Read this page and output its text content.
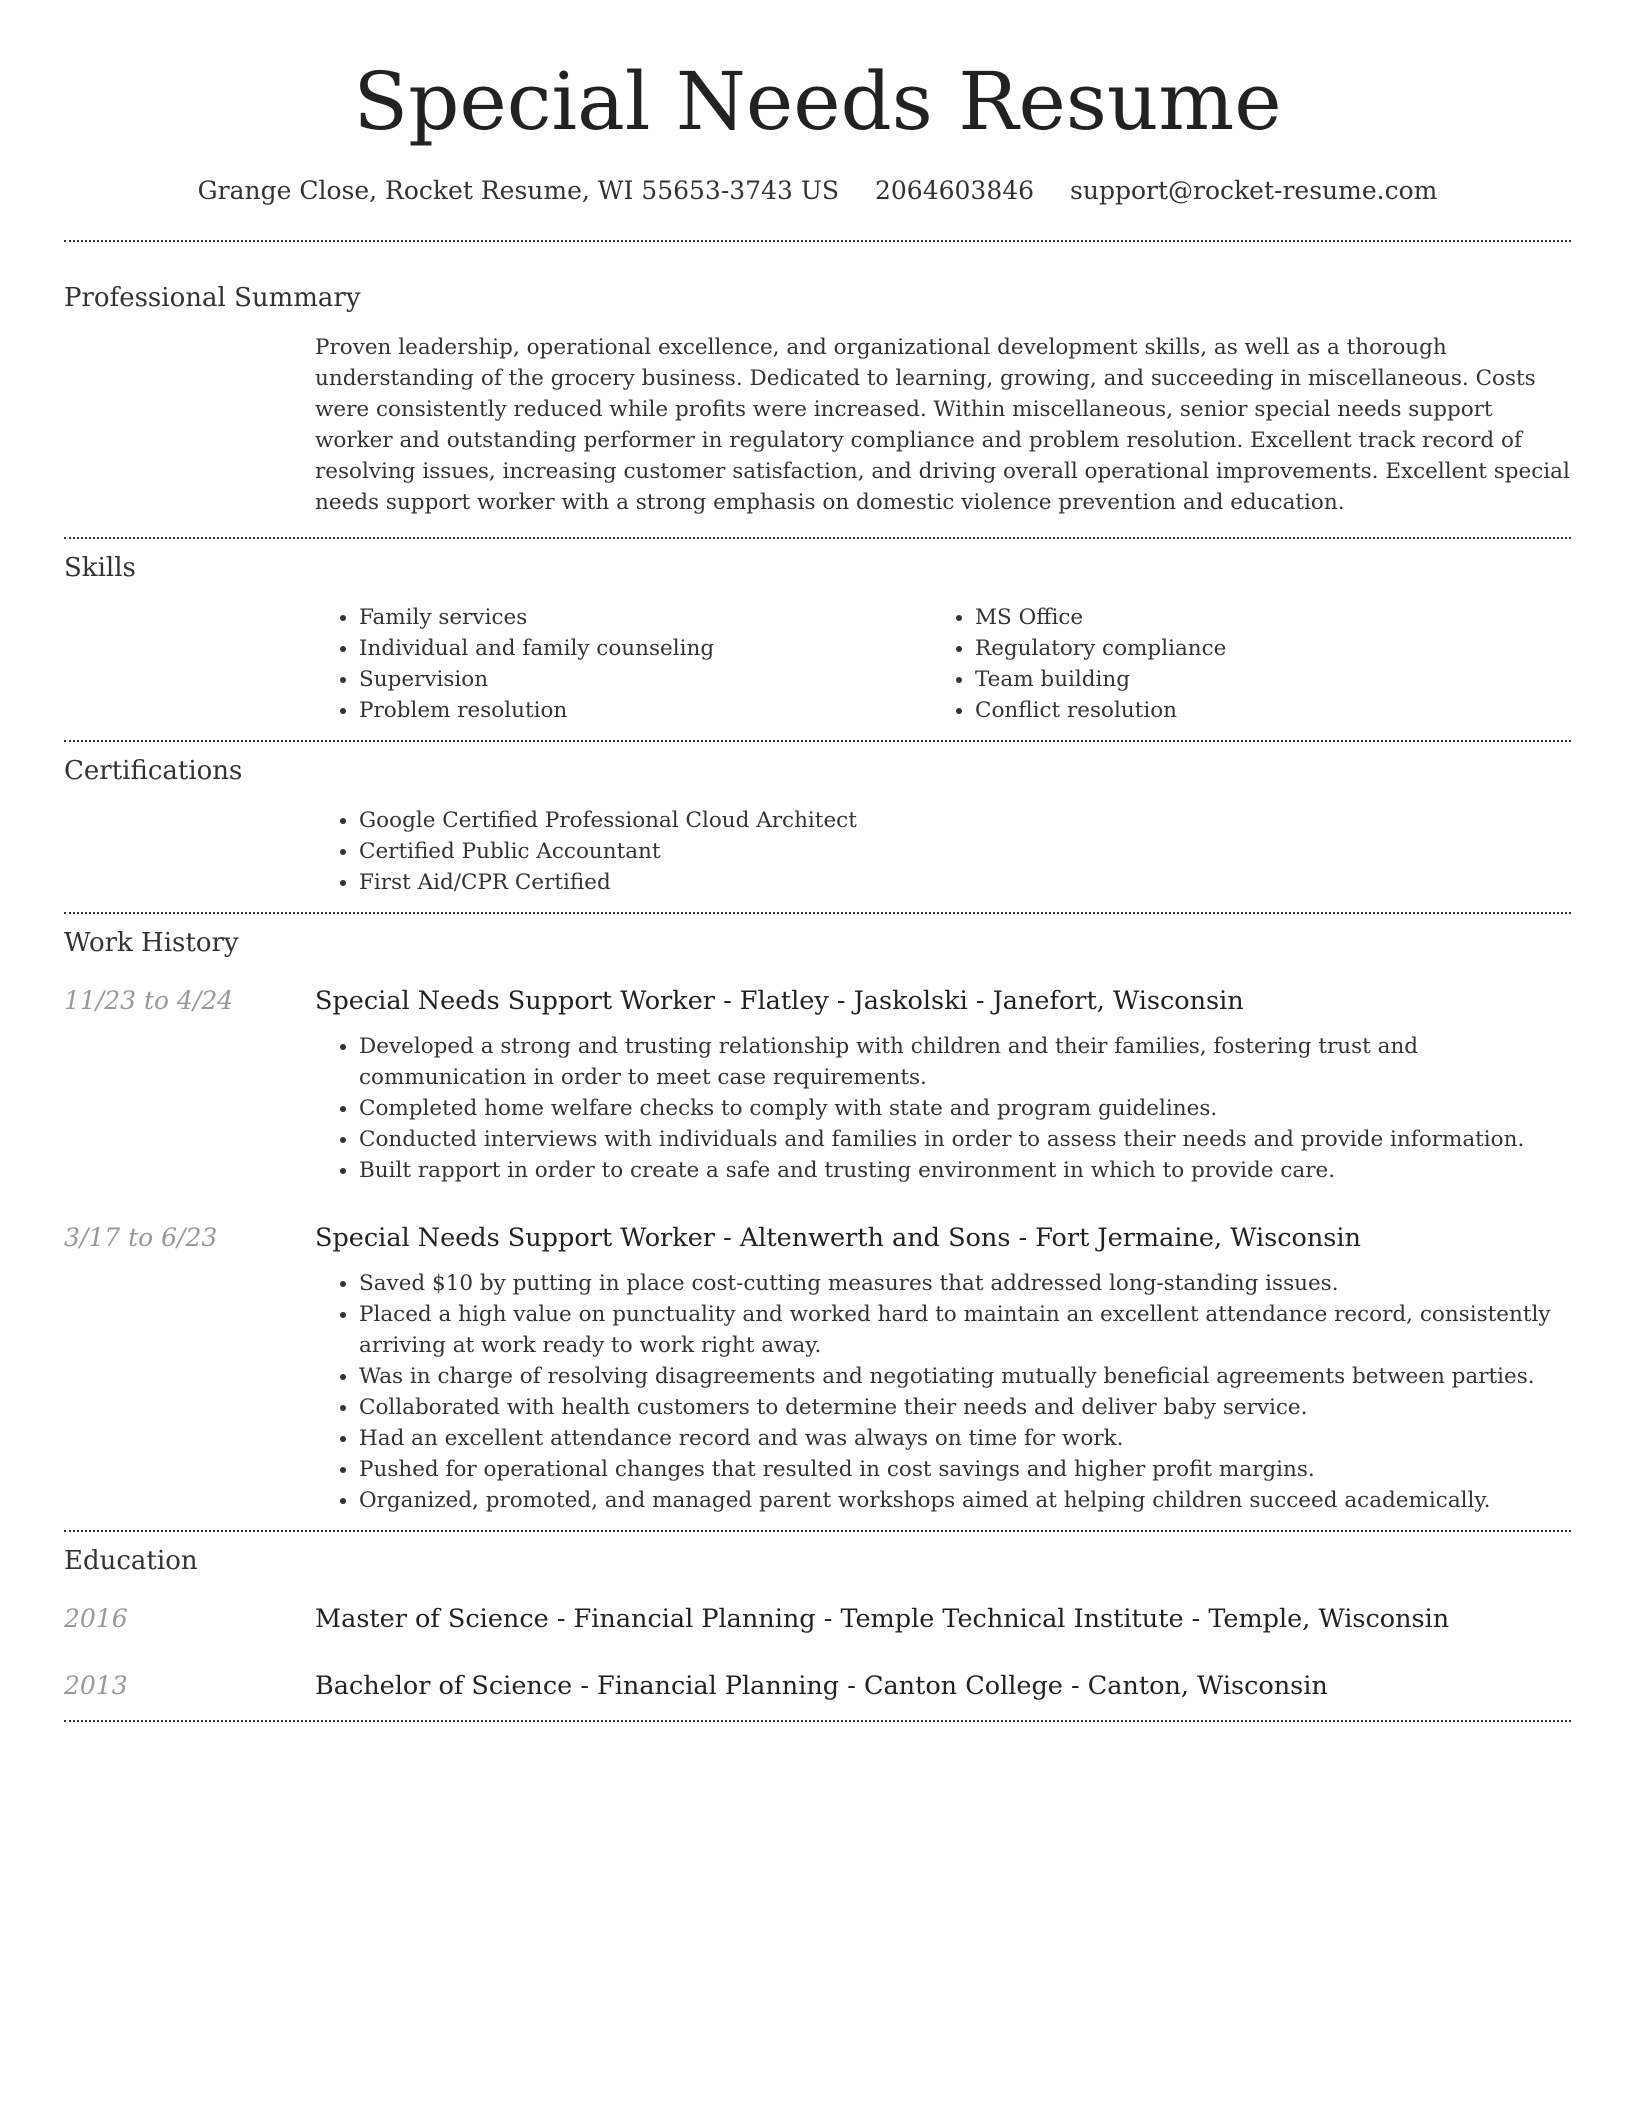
Special Needs Resume
Grange Close, Rocket Resume, WI 55653-3743 US 2064603846 support@rocket-resume.com
Professional Summary

Proven leadership, operational excellence, and organizational development skills, as well as a thorough understanding of the grocery business. Dedicated to learning, growing, and succeeding in miscellaneous. Costs were consistently reduced while profits were increased. Within miscellaneous, senior special needs support worker and outstanding performer in regulatory compliance and problem resolution. Excellent track record of resolving issues, increasing customer satisfaction, and driving overall operational improvements. Excellent special needs support worker with a strong emphasis on domestic violence prevention and education.

Skills
• Family services
• Individual and family counseling
• Supervision
• Problem resolution
• MS Office
• Regulatory compliance
• Team building
• Conflict resolution
Certifications
• Google Certified Professional Cloud Architect
• Certified Public Accountant
• First Aid/CPR Certified
Work History
11/23 to 4/24	Special Needs Support Worker - Flatley - Jaskolski - Janefort, Wisconsin
• Developed a strong and trusting relationship with children and their families, fostering trust and communication in order to meet case requirements.
• Completed home welfare checks to comply with state and program guidelines.
• Conducted interviews with individuals and families in order to assess their needs and provide information.
• Built rapport in order to create a safe and trusting environment in which to provide care.
3/17 to 6/23	Special Needs Support Worker - Altenwerth and Sons - Fort Jermaine, Wisconsin
• Saved $10 by putting in place cost-cutting measures that addressed long-standing issues.
• Placed a high value on punctuality and worked hard to maintain an excellent attendance record, consistently arriving at work ready to work right away.
• Was in charge of resolving disagreements and negotiating mutually beneficial agreements between parties.
• Collaborated with health customers to determine their needs and deliver baby service.
• Had an excellent attendance record and was always on time for work.
• Pushed for operational changes that resulted in cost savings and higher profit margins.
• Organized, promoted, and managed parent workshops aimed at helping children succeed academically.
Education
2016	Master of Science - Financial Planning - Temple Technical Institute - Temple, Wisconsin
2013	Bachelor of Science - Financial Planning - Canton College - Canton, Wisconsin
